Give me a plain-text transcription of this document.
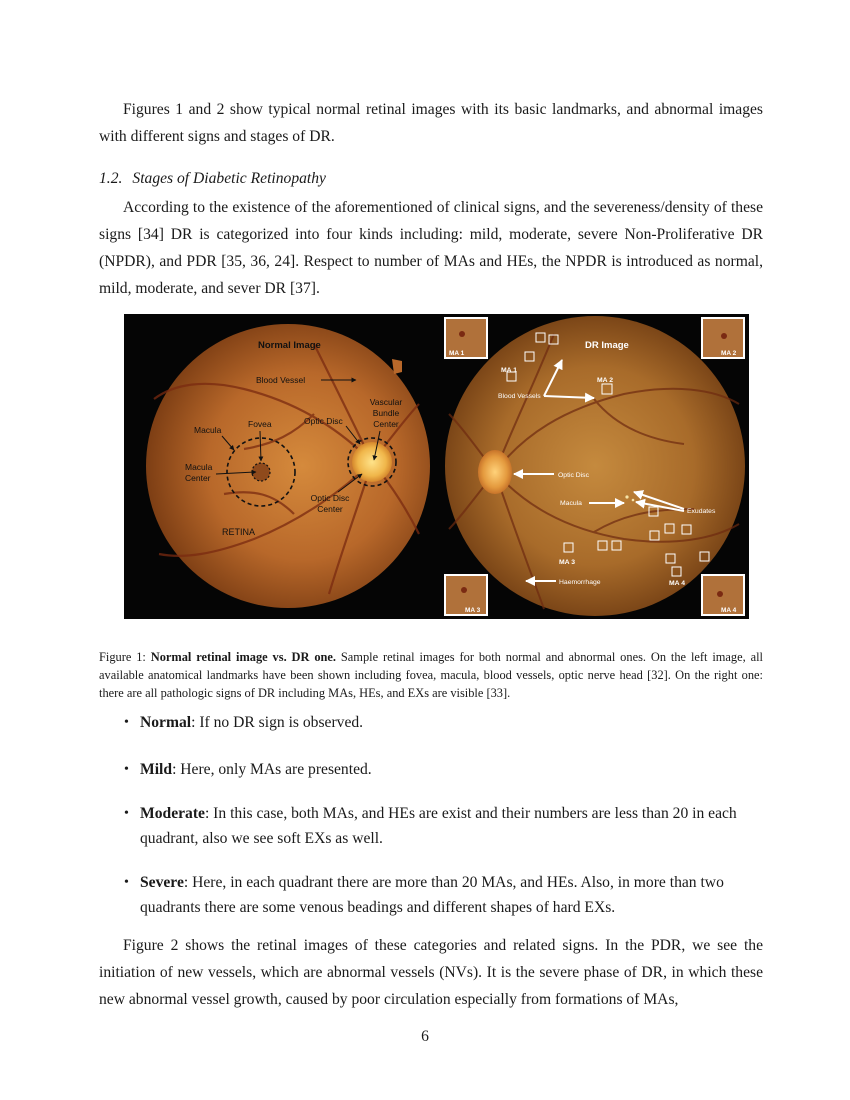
Figures 1 and 2 show typical normal retinal images with its basic landmarks, and abnormal images with different signs and stages of DR.

1.2. Stages of Diabetic Retinopathy

According to the existence of the aforementioned of clinical signs, and the severeness/density of these signs [34] DR is categorized into four kinds including: mild, moderate, severe Non-Proliferative DR (NPDR), and PDR [35, 36, 24]. Respect to number of MAs and HEs, the NPDR is introduced as normal, mild, moderate, and sever DR [37].

Normal Image
Blood Vessel
Vascular
Bundle
Center
Optic Disc
Macula
Fovea
Macula
Center
Optic Disc
Center
RETINA
DR Image
MA 1
MA 2
MA 3
MA 4
Blood Vessels
Optic Disc
Macula
Exudates
Haemorrhage
MA 1	MA 2
MA 3	MA 4

Figure 1: Normal retinal image vs. DR one. Sample retinal images for both normal and abnormal ones. On the left image, all available anatomical landmarks have been shown including fovea, macula, blood vessels, optic nerve head [32]. On the right one: there are all pathologic signs of DR including MAs, HEs, and EXs are visible [33].

• Normal: If no DR sign is observed.
• Mild: Here, only MAs are presented.
• Moderate: In this case, both MAs, and HEs are exist and their numbers are less than 20 in each quadrant, also we see soft EXs as well.
• Severe: Here, in each quadrant there are more than 20 MAs, and HEs. Also, in more than two quadrants there are some venous beadings and different shapes of hard EXs.

Figure 2 shows the retinal images of these categories and related signs. In the PDR, we see the initiation of new vessels, which are abnormal vessels (NVs). It is the severe phase of DR, in which these new abnormal vessel growth, caused by poor circulation especially from formations of MAs,

6
